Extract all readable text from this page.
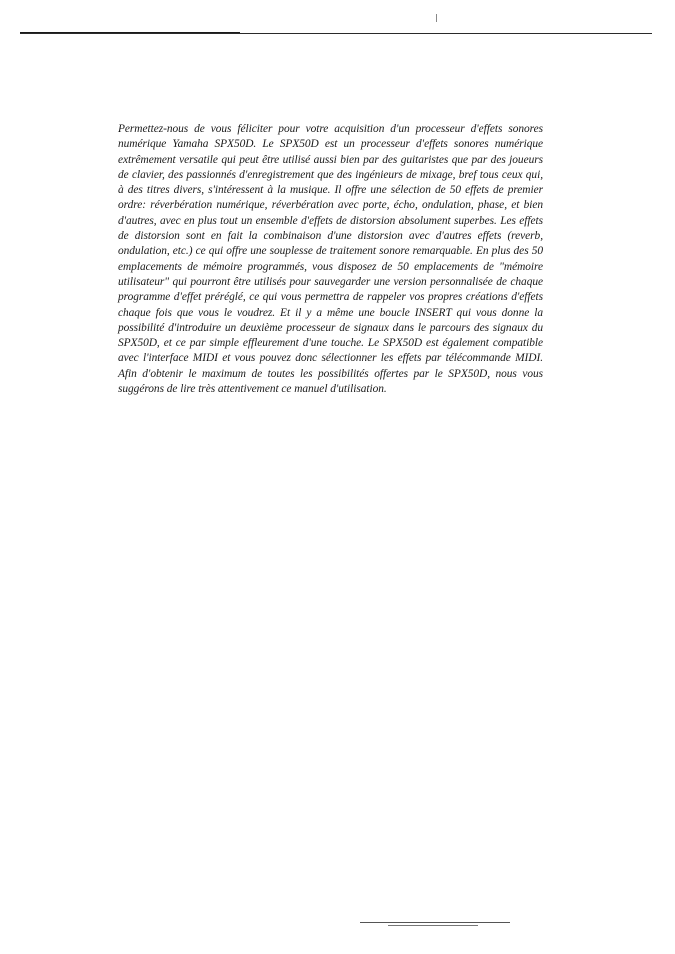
Permettez-nous de vous féliciter pour votre acquisition d'un processeur d'effets sonores numérique Yamaha SPX50D. Le SPX50D est un processeur d'effets sonores numérique extrêmement versatile qui peut être utilisé aussi bien par des guitaristes que par des joueurs de clavier, des passionnés d'enregistrement que des ingénieurs de mixage, bref tous ceux qui, à des titres divers, s'intéressent à la musique. Il offre une sélection de 50 effets de premier ordre: réverbération numérique, réverbération avec porte, écho, ondulation, phase, et bien d'autres, avec en plus tout un ensemble d'effets de distorsion absolument superbes. Les effets de distorsion sont en fait la combinaison d'une distorsion avec d'autres effets (reverb, ondulation, etc.) ce qui offre une souplesse de traitement sonore remarquable. En plus des 50 emplacements de mémoire programmés, vous disposez de 50 emplacements de "mémoire utilisateur" qui pourront être utilisés pour sauvegarder une version personnalisée de chaque programme d'effet préréglé, ce qui vous permettra de rappeler vos propres créations d'effets chaque fois que vous le voudrez. Et il y a même une boucle INSERT qui vous donne la possibilité d'introduire un deuxième processeur de signaux dans le parcours des signaux du SPX50D, et ce par simple effleurement d'une touche. Le SPX50D est également compatible avec l'interface MIDI et vous pouvez donc sélectionner les effets par télécommande MIDI. Afin d'obtenir le maximum de toutes les possibilités offertes par le SPX50D, nous vous suggérons de lire très attentivement ce manuel d'utilisation.
